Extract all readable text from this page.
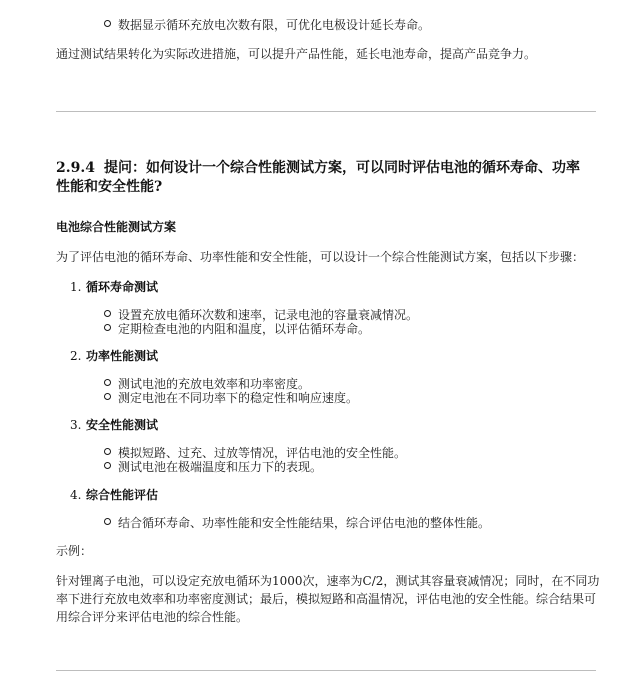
数据显示循环充放电次数有限，可优化电极设计延长寿命。
通过测试结果转化为实际改进措施，可以提升产品性能，延长电池寿命，提高产品竞争力。
2.9.4 提问：如何设计一个综合性能测试方案，可以同时评估电池的循环寿命、功率
性能和安全性能?
电池综合性能测试方案
为了评估电池的循环寿命、功率性能和安全性能，可以设计一个综合性能测试方案，包括以下步骤：
1. 循环寿命测试
设置充放电循环次数和速率，记录电池的容量衰减情况。
定期检查电池的内阻和温度，以评估循环寿命。
2. 功率性能测试
测试电池的充放电效率和功率密度。
测定电池在不同功率下的稳定性和响应速度。
3. 安全性能测试
模拟短路、过充、过放等情况，评估电池的安全性能。
测试电池在极端温度和压力下的表现。
4. 综合性能评估
结合循环寿命、功率性能和安全性能结果，综合评估电池的整体性能。
示例：
针对锂离子电池，可以设定充放电循环为1000次，速率为C/2，测试其容量衰减情况；同时，在不同功
率下进行充放电效率和功率密度测试；最后，模拟短路和高温情况，评估电池的安全性能。综合结果可
用综合评分来评估电池的综合性能。
